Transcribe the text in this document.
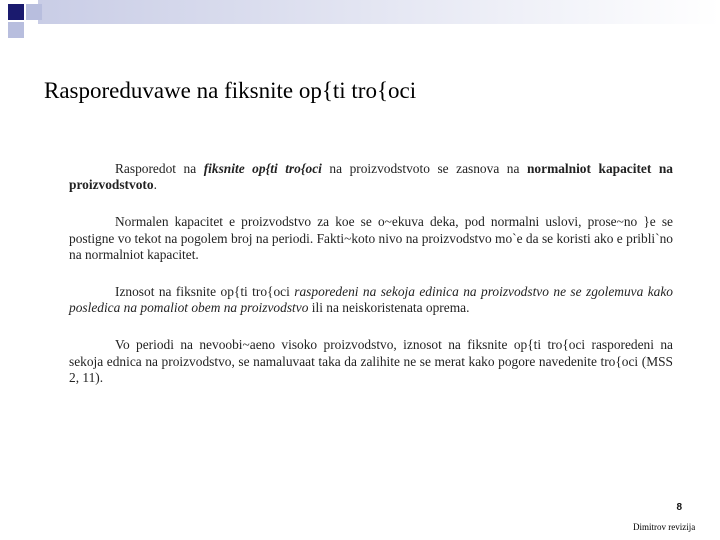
Rasporeduvawe na fiksnite op{ti tro{oci

Rasporedot na fiksnite op{ti tro{oci na proizvodstvoto se zasnova na normalniot kapacitet na proizvodstvoto.

Normalen kapacitet e proizvodstvo za koe se o~ekuva deka, pod normalni uslovi, prose~no }e se postigne vo tekot na pogolem broj na periodi. Fakti~koto nivo na proizvodstvo mo`e da se koristi ako e pribli`no na normalniot kapacitet.

Iznosot na fiksnite op{ti tro{oci rasporedeni na sekoja edinica na proizvodstvo ne se zgolemuva kako posledica na pomaliot obem na proizvodstvo ili na neiskoristenata oprema.

Vo periodi na nevoobi~aeno visoko proizvodstvo, iznosot na fiksnite op{ti tro{oci rasporedeni na sekoja ednica na proizvodstvo, se namaluvaat taka da zalihite ne se merat kako pogore navedenite tro{oci (MSS 2, 11).

8
Dimitrov revizija
